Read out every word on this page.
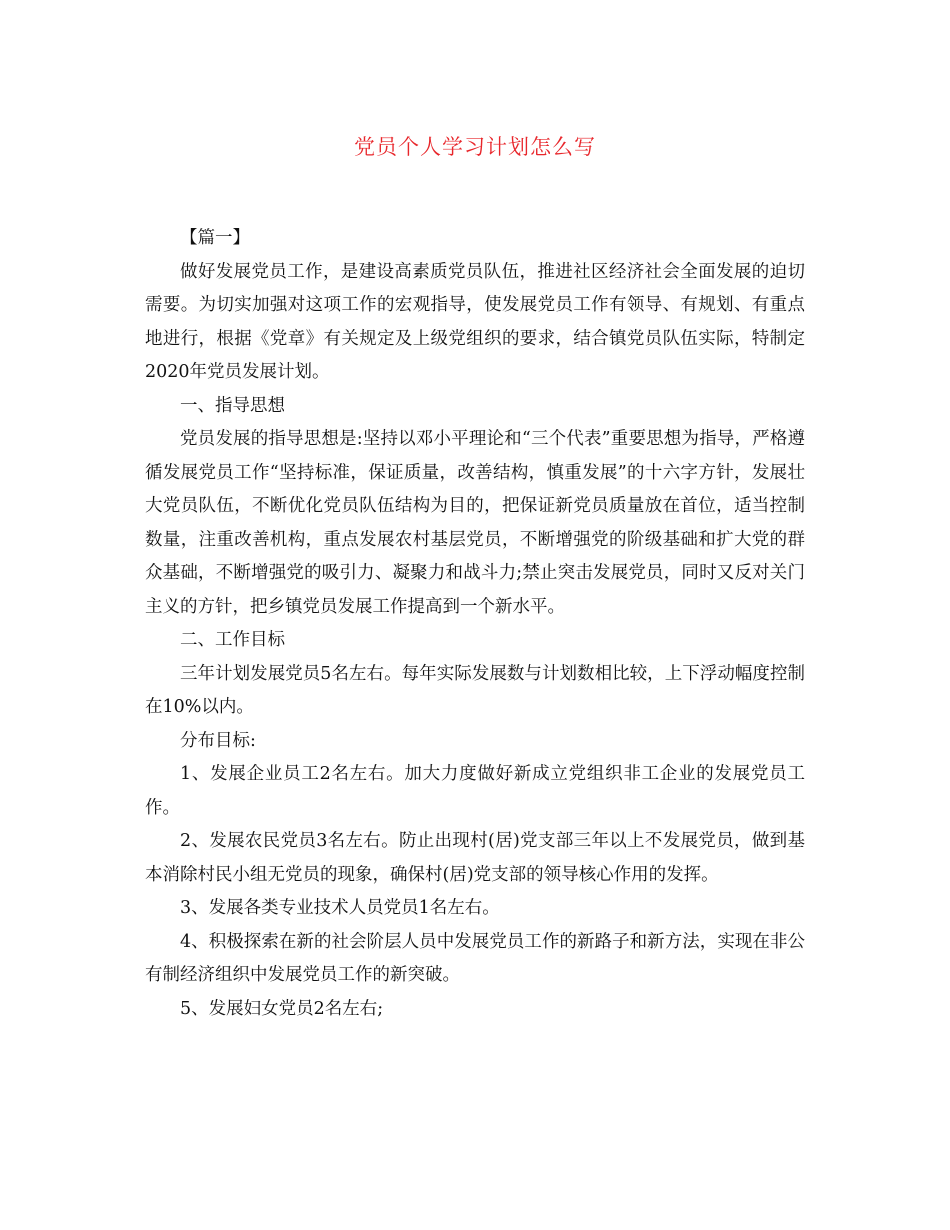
党员个人学习计划怎么写

【篇一】

做好发展党员工作，是建设高素质党员队伍，推进社区经济社会全面发展的迫切需要。为切实加强对这项工作的宏观指导，使发展党员工作有领导、有规划、有重点地进行，根据《党章》有关规定及上级党组织的要求，结合镇党员队伍实际，特制定2020年党员发展计划。

一、指导思想

党员发展的指导思想是:坚持以邓小平理论和“三个代表”重要思想为指导，严格遵循发展党员工作“坚持标准，保证质量，改善结构，慎重发展”的十六字方针，发展壮大党员队伍，不断优化党员队伍结构为目的，把保证新党员质量放在首位，适当控制数量，注重改善机构，重点发展农村基层党员，不断增强党的阶级基础和扩大党的群众基础，不断增强党的吸引力、凝聚力和战斗力;禁止突击发展党员，同时又反对关门主义的方针，把乡镇党员发展工作提高到一个新水平。

二、工作目标

三年计划发展党员5名左右。每年实际发展数与计划数相比较，上下浮动幅度控制在10%以内。

分布目标:

1、发展企业员工2名左右。加大力度做好新成立党组织非工企业的发展党员工作。

2、发展农民党员3名左右。防止出现村(居)党支部三年以上不发展党员，做到基本消除村民小组无党员的现象，确保村(居)党支部的领导核心作用的发挥。

3、发展各类专业技术人员党员1名左右。

4、积极探索在新的社会阶层人员中发展党员工作的新路子和新方法，实现在非公有制经济组织中发展党员工作的新突破。

5、发展妇女党员2名左右;
